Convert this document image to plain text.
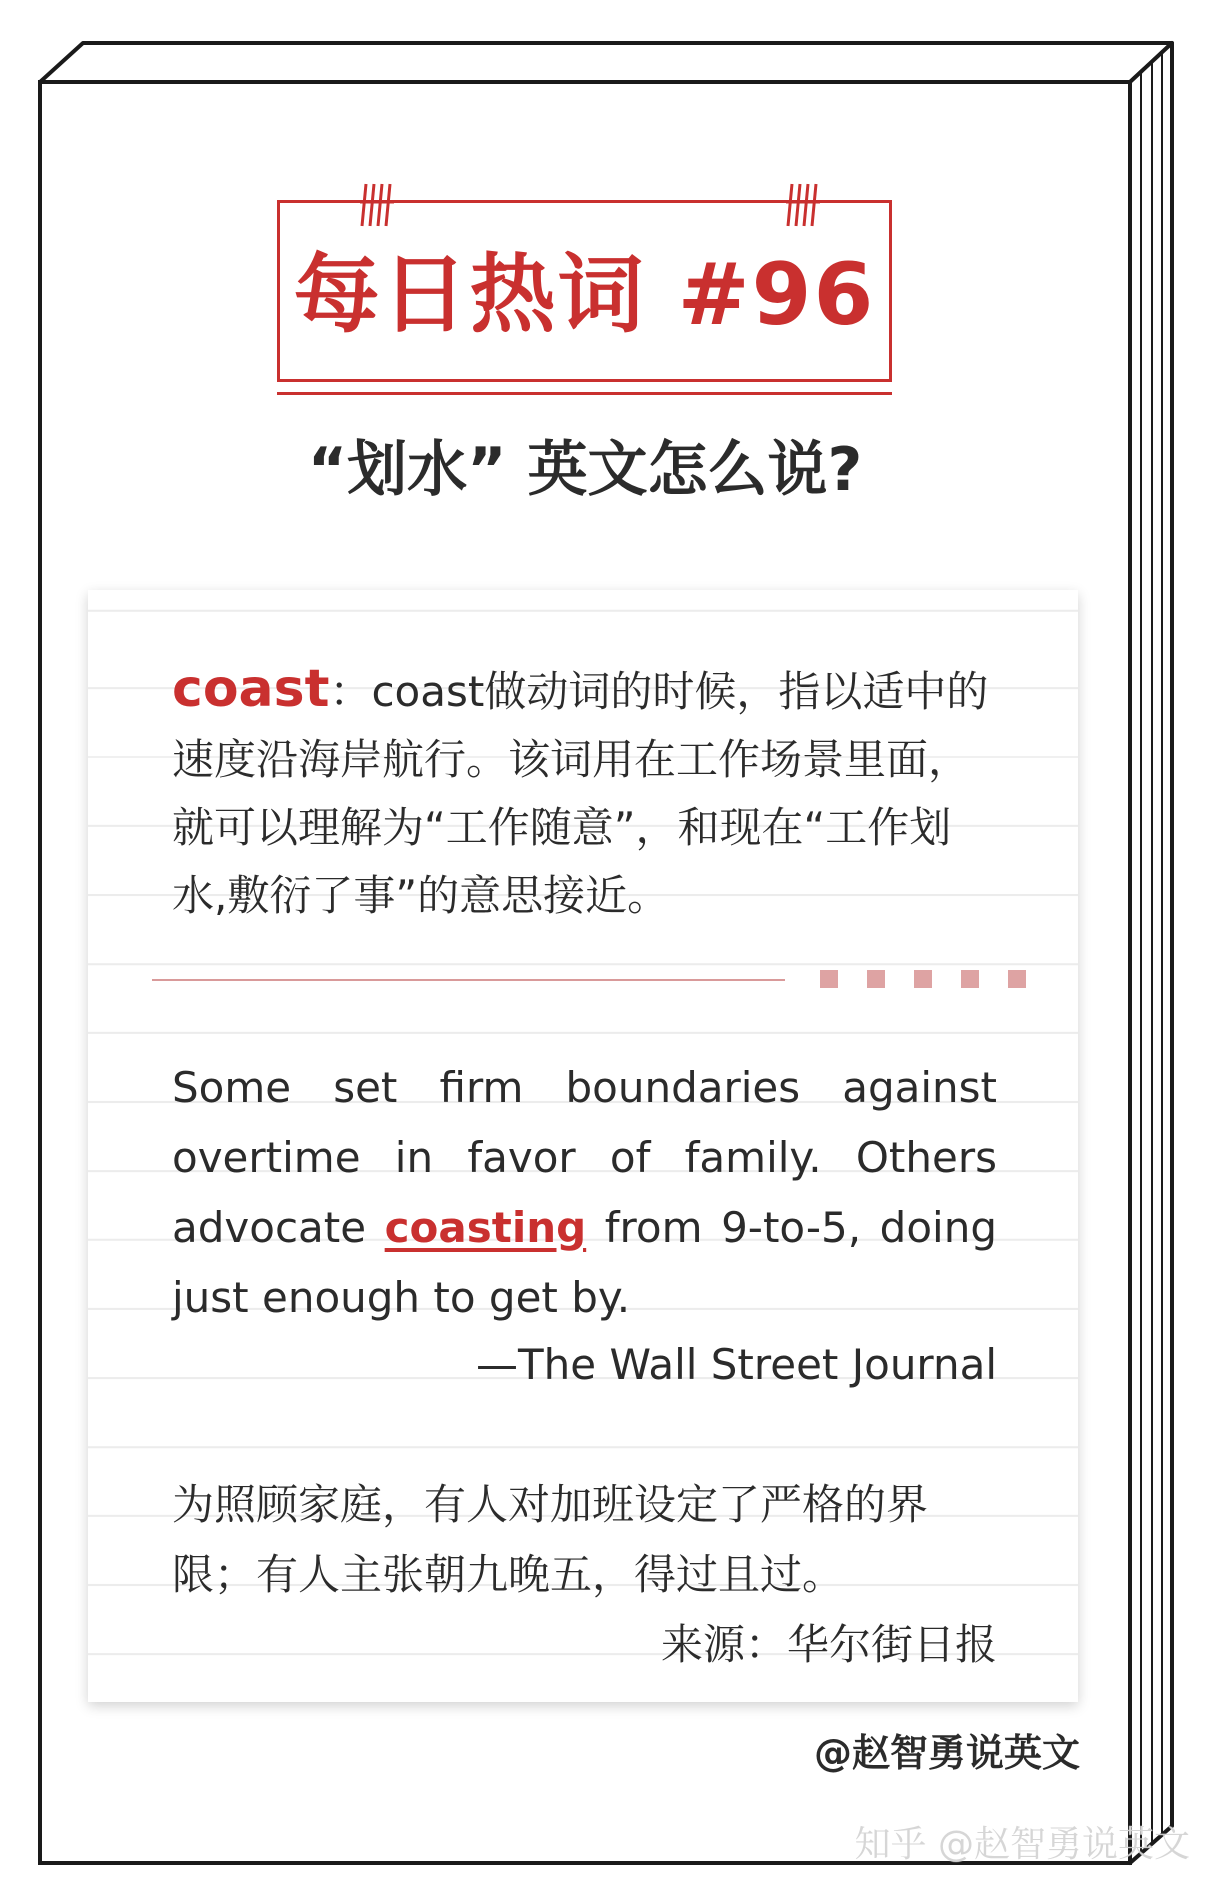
每日热词 #96
“划水” 英文怎么说?
coast：coast做动词的时候，指以适中的速度沿海岸航行。该词用在工作场景里面，就可以理解为“工作随意”，和现在“工作划水,敷衍了事”的意思接近。
Some set firm boundaries against overtime in favor of family. Others advocate coasting from 9-to-5, doing just enough to get by.
—The Wall Street Journal
为照顾家庭，有人对加班设定了严格的界限；有人主张朝九晚五，得过且过。
来源：华尔街日报
@赵智勇说英文
知乎 @赵智勇说英文
